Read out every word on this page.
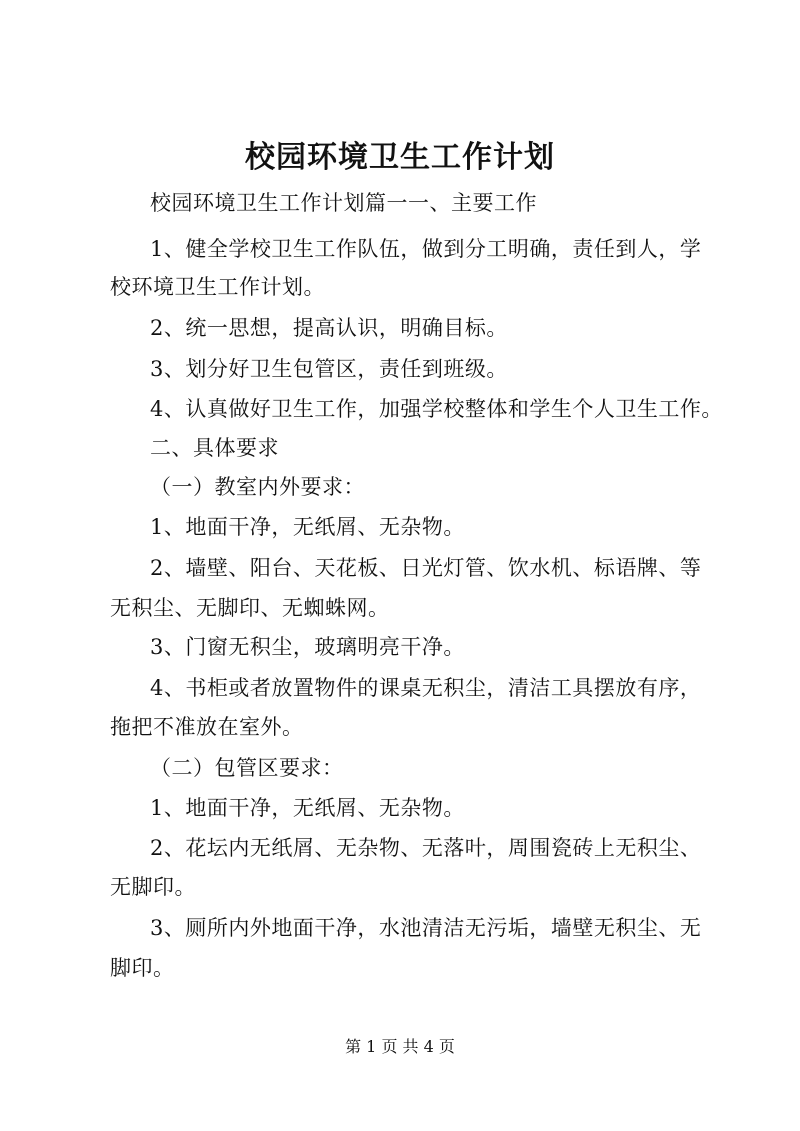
校园环境卫生工作计划
校园环境卫生工作计划篇一一、主要工作
1、健全学校卫生工作队伍，做到分工明确，责任到人，学
校环境卫生工作计划。
2、统一思想，提高认识，明确目标。
3、划分好卫生包管区，责任到班级。
4、认真做好卫生工作，加强学校整体和学生个人卫生工作。
二、具体要求
（一）教室内外要求：
1、地面干净，无纸屑、无杂物。
2、墙壁、阳台、天花板、日光灯管、饮水机、标语牌、等
无积尘、无脚印、无蜘蛛网。
3、门窗无积尘，玻璃明亮干净。
4、书柜或者放置物件的课桌无积尘，清洁工具摆放有序，
拖把不准放在室外。
（二）包管区要求：
1、地面干净，无纸屑、无杂物。
2、花坛内无纸屑、无杂物、无落叶，周围瓷砖上无积尘、
无脚印。
3、厕所内外地面干净，水池清洁无污垢，墙壁无积尘、无
脚印。
第 1 页 共 4 页
